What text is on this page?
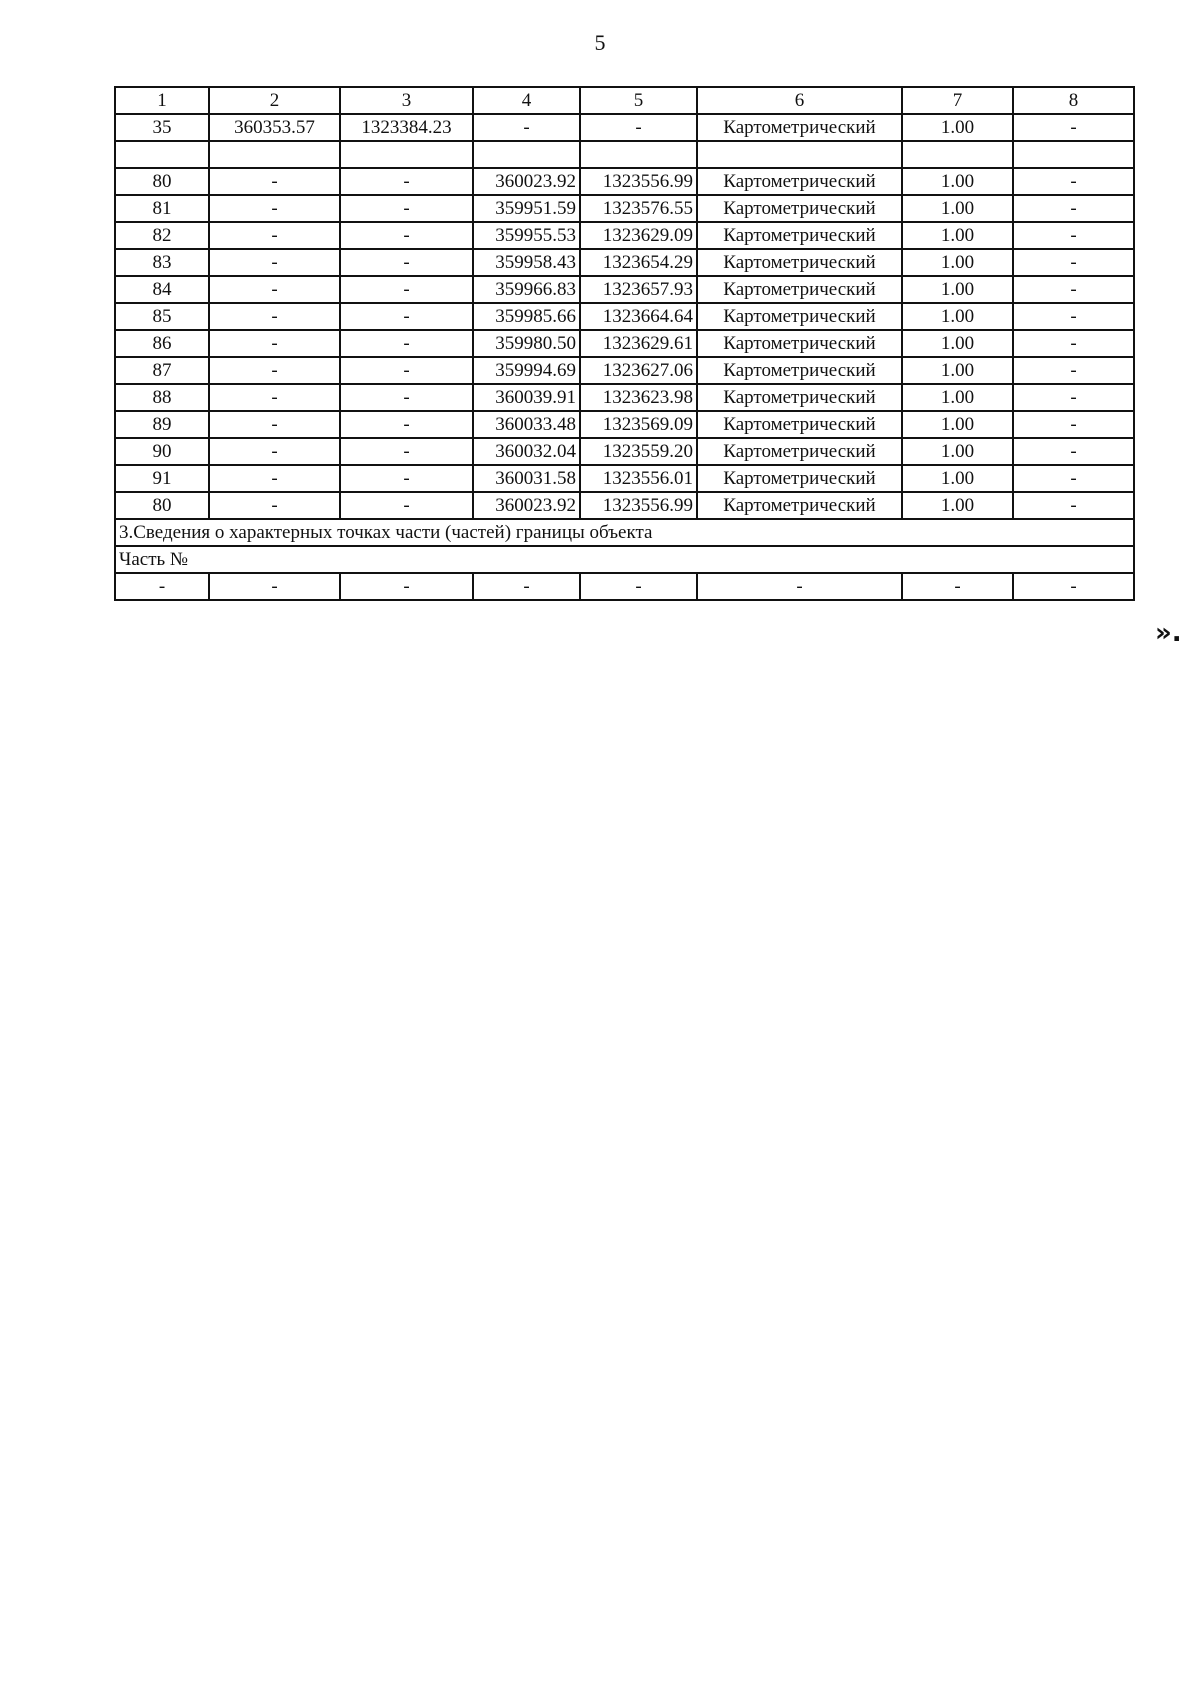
5
1	2	3	4	5	6	7	8
35	360353.57	1323384.23	-	-	Картометрический	1.00	-

80	-	-	360023.92	1323556.99	Картометрический	1.00	-
81	-	-	359951.59	1323576.55	Картометрический	1.00	-
82	-	-	359955.53	1323629.09	Картометрический	1.00	-
83	-	-	359958.43	1323654.29	Картометрический	1.00	-
84	-	-	359966.83	1323657.93	Картометрический	1.00	-
85	-	-	359985.66	1323664.64	Картометрический	1.00	-
86	-	-	359980.50	1323629.61	Картометрический	1.00	-
87	-	-	359994.69	1323627.06	Картометрический	1.00	-
88	-	-	360039.91	1323623.98	Картометрический	1.00	-
89	-	-	360033.48	1323569.09	Картометрический	1.00	-
90	-	-	360032.04	1323559.20	Картометрический	1.00	-
91	-	-	360031.58	1323556.01	Картометрический	1.00	-
80	-	-	360023.92	1323556.99	Картометрический	1.00	-
3.Сведения о характерных точках части (частей) границы объекта							
Часть №							
-	-	-	-	-	-	-	-
».
